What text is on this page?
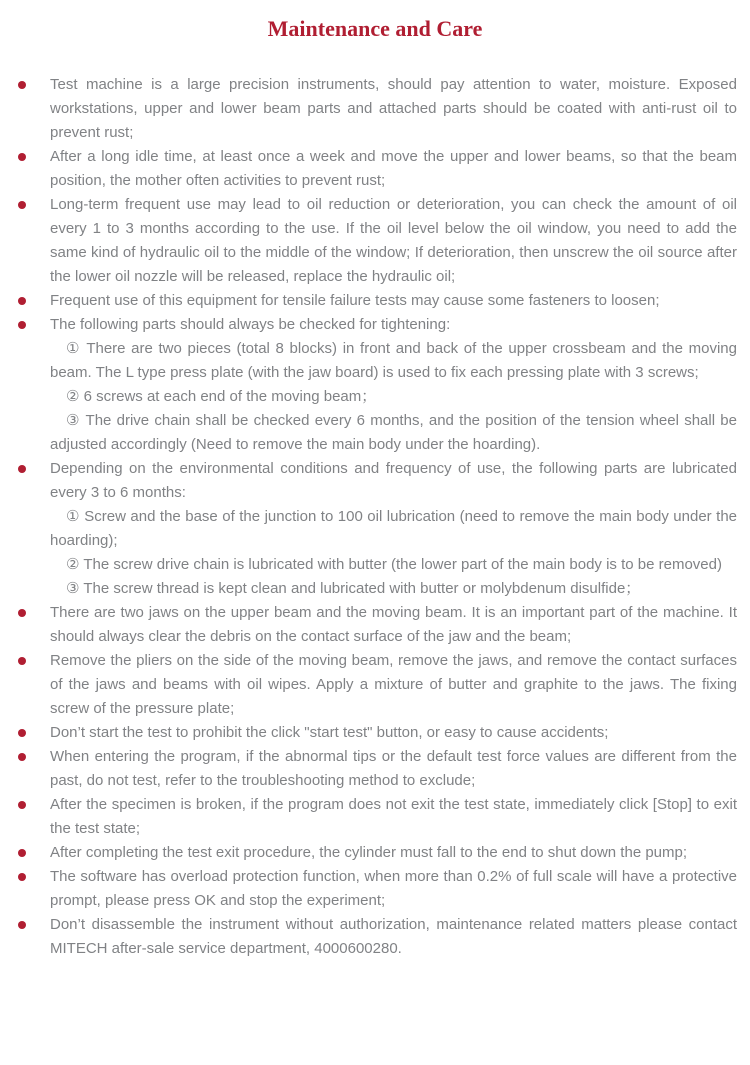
Maintenance and Care

Test machine is a large precision instruments, should pay attention to water, moisture. Exposed workstations, upper and lower beam parts and attached parts should be coated with anti-rust oil to prevent rust;

After a long idle time, at least once a week and move the upper and lower beams, so that the beam position, the mother often activities to prevent rust;

Long-term frequent use may lead to oil reduction or deterioration, you can check the amount of oil every 1 to 3 months according to the use. If the oil level below the oil window, you need to add the same kind of hydraulic oil to the middle of the window; If deterioration, then unscrew the oil source after the lower oil nozzle will be released, replace the hydraulic oil;

Frequent use of this equipment for tensile failure tests may cause some fasteners to loosen;

The following parts should always be checked for tightening:

① There are two pieces (total 8 blocks) in front and back of the upper crossbeam and the moving beam. The L type press plate (with the jaw board) is used to fix each pressing plate with 3 screws;

② 6 screws at each end of the moving beam；

③ The drive chain shall be checked every 6 months, and the position of the tension wheel shall be adjusted accordingly (Need to remove the main body under the hoarding).

Depending on the environmental conditions and frequency of use, the following parts are lubricated every 3 to 6 months:

① Screw and the base of the junction to 100 oil lubrication (need to remove the main body under the hoarding);

② The screw drive chain is lubricated with butter (the lower part of the main body is to be removed)

③ The screw thread is kept clean and lubricated with butter or molybdenum disulfide；

There are two jaws on the upper beam and the moving beam. It is an important part of the machine. It should always clear the debris on the contact surface of the jaw and the beam;

Remove the pliers on the side of the moving beam, remove the jaws, and remove the contact surfaces of the jaws and beams with oil wipes. Apply a mixture of butter and graphite to the jaws. The fixing screw of the pressure plate;

Don’t start the test to prohibit the click "start test" button, or easy to cause accidents;

When entering the program, if the abnormal tips or the default test force values are different from the past, do not test, refer to the troubleshooting method to exclude;

After the specimen is broken, if the program does not exit the test state, immediately click [Stop] to exit the test state;

After completing the test exit procedure, the cylinder must fall to the end to shut down the pump;

The software has overload protection function, when more than 0.2% of full scale will have a protective prompt, please press OK and stop the experiment;

Don’t disassemble the instrument without authorization, maintenance related matters please contact MITECH after-sale service department, 4000600280.
